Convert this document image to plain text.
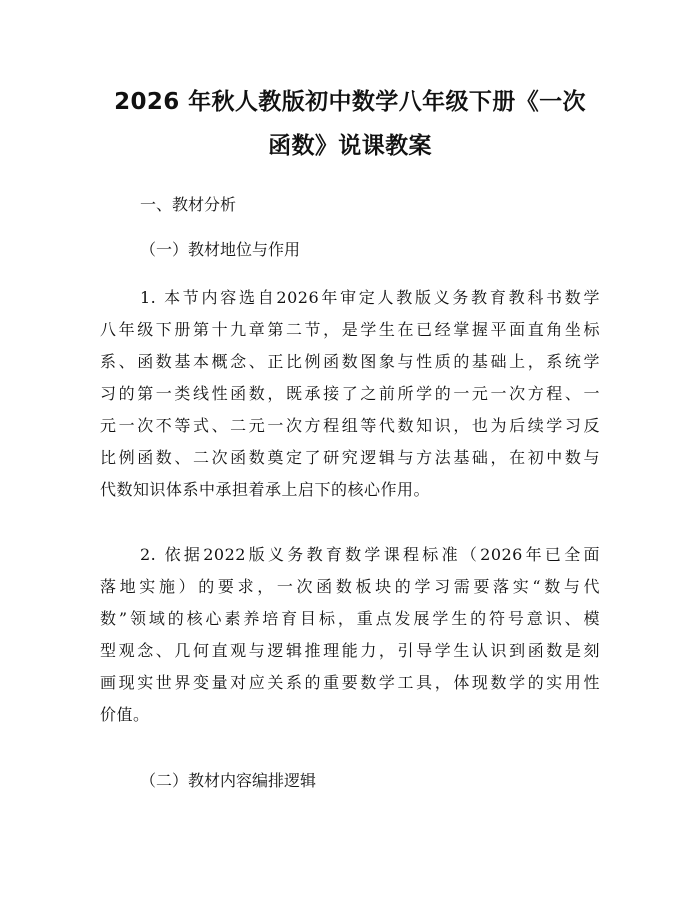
2026 年秋人教版初中数学八年级下册《一次
函数》说课教案
一、教材分析
（一）教材地位与作用
1. 本节内容选自2026年审定人教版义务教育教科书数学
八年级下册第十九章第二节，是学生在已经掌握平面直角坐标
系、函数基本概念、正比例函数图象与性质的基础上，系统学
习的第一类线性函数，既承接了之前所学的一元一次方程、一
元一次不等式、二元一次方程组等代数知识，也为后续学习反
比例函数、二次函数奠定了研究逻辑与方法基础，在初中数与
代数知识体系中承担着承上启下的核心作用。
2. 依据2022版义务教育数学课程标准（2026年已全面
落地实施）的要求，一次函数板块的学习需要落实“数与代
数”领域的核心素养培育目标，重点发展学生的符号意识、模
型观念、几何直观与逻辑推理能力，引导学生认识到函数是刻
画现实世界变量对应关系的重要数学工具，体现数学的实用性
价值。
（二）教材内容编排逻辑
